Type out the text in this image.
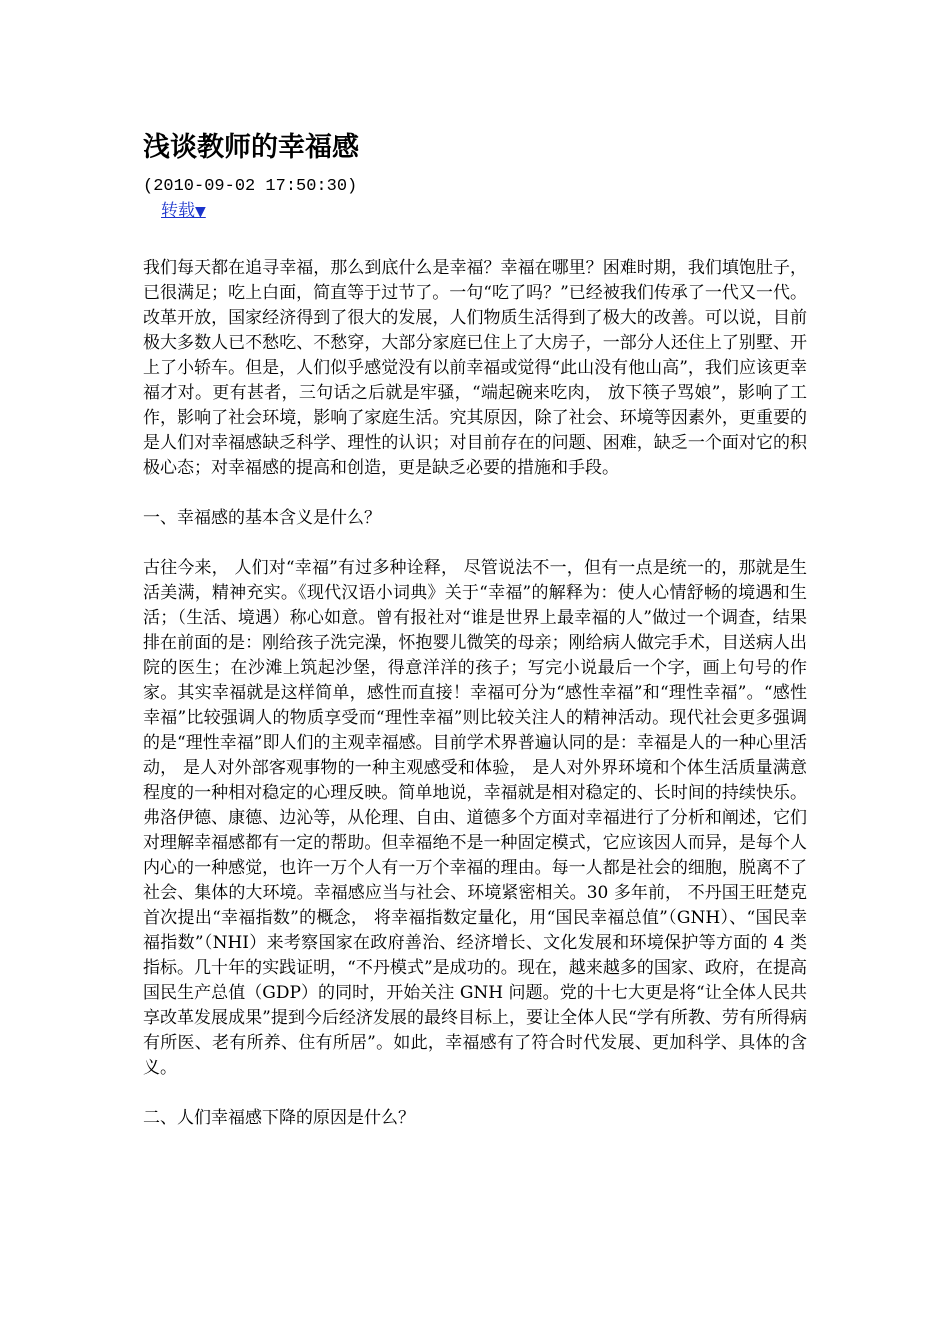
浅谈教师的幸福感
(2010-09-02 17:50:30)
转载▼

我们每天都在追寻幸福，那么到底什么是幸福？幸福在哪里？困难时期，我们填饱肚子，已很满足；吃上白面，简直等于过节了。一句“吃了吗？”已经被我们传承了一代又一代。改革开放，国家经济得到了很大的发展，人们物质生活得到了极大的改善。可以说，目前极大多数人已不愁吃、不愁穿，大部分家庭已住上了大房子，一部分人还住上了别墅、开上了小轿车。但是，人们似乎感觉没有以前幸福或觉得“此山没有他山高”，我们应该更幸福才对。更有甚者，三句话之后就是牢骚，“端起碗来吃肉， 放下筷子骂娘”，影响了工作，影响了社会环境，影响了家庭生活。究其原因，除了社会、环境等因素外，更重要的是人们对幸福感缺乏科学、理性的认识；对目前存在的问题、困难，缺乏一个面对它的积极心态；对幸福感的提高和创造，更是缺乏必要的措施和手段。

一、幸福感的基本含义是什么？

古往今来， 人们对“幸福”有过多种诠释， 尽管说法不一，但有一点是统一的，那就是生活美满，精神充实。《现代汉语小词典》关于“幸福”的解释为：使人心情舒畅的境遇和生活；（生活、境遇）称心如意。曾有报社对“谁是世界上最幸福的人”做过一个调查，结果排在前面的是：刚给孩子洗完澡，怀抱婴儿微笑的母亲；刚给病人做完手术，目送病人出院的医生；在沙滩上筑起沙堡，得意洋洋的孩子；写完小说最后一个字，画上句号的作家。其实幸福就是这样简单，感性而直接！幸福可分为“感性幸福”和“理性幸福”。“感性幸福”比较强调人的物质享受而“理性幸福”则比较关注人的精神活动。现代社会更多强调的是“理性幸福”即人们的主观幸福感。目前学术界普遍认同的是：幸福是人的一种心里活动， 是人对外部客观事物的一种主观感受和体验， 是人对外界环境和个体生活质量满意程度的一种相对稳定的心理反映。简单地说，幸福就是相对稳定的、长时间的持续快乐。弗洛伊德、康德、边沁等，从伦理、自由、道德多个方面对幸福进行了分析和阐述，它们对理解幸福感都有一定的帮助。但幸福绝不是一种固定模式，它应该因人而异，是每个人内心的一种感觉，也许一万个人有一万个幸福的理由。每一人都是社会的细胞，脱离不了社会、集体的大环境。幸福感应当与社会、环境紧密相关。30 多年前， 不丹国王旺楚克首次提出“幸福指数”的概念， 将幸福指数定量化，用“国民幸福总值”（GNH）、“国民幸福指数”（NHI）来考察国家在政府善治、经济增长、文化发展和环境保护等方面的 4 类指标。几十年的实践证明，“不丹模式”是成功的。现在，越来越多的国家、政府，在提高国民生产总值（GDP）的同时，开始关注 GNH 问题。党的十七大更是将“让全体人民共享改革发展成果”提到今后经济发展的最终目标上，要让全体人民“学有所教、劳有所得病有所医、老有所养、住有所居”。如此，幸福感有了符合时代发展、更加科学、具体的含义。

二、人们幸福感下降的原因是什么？
